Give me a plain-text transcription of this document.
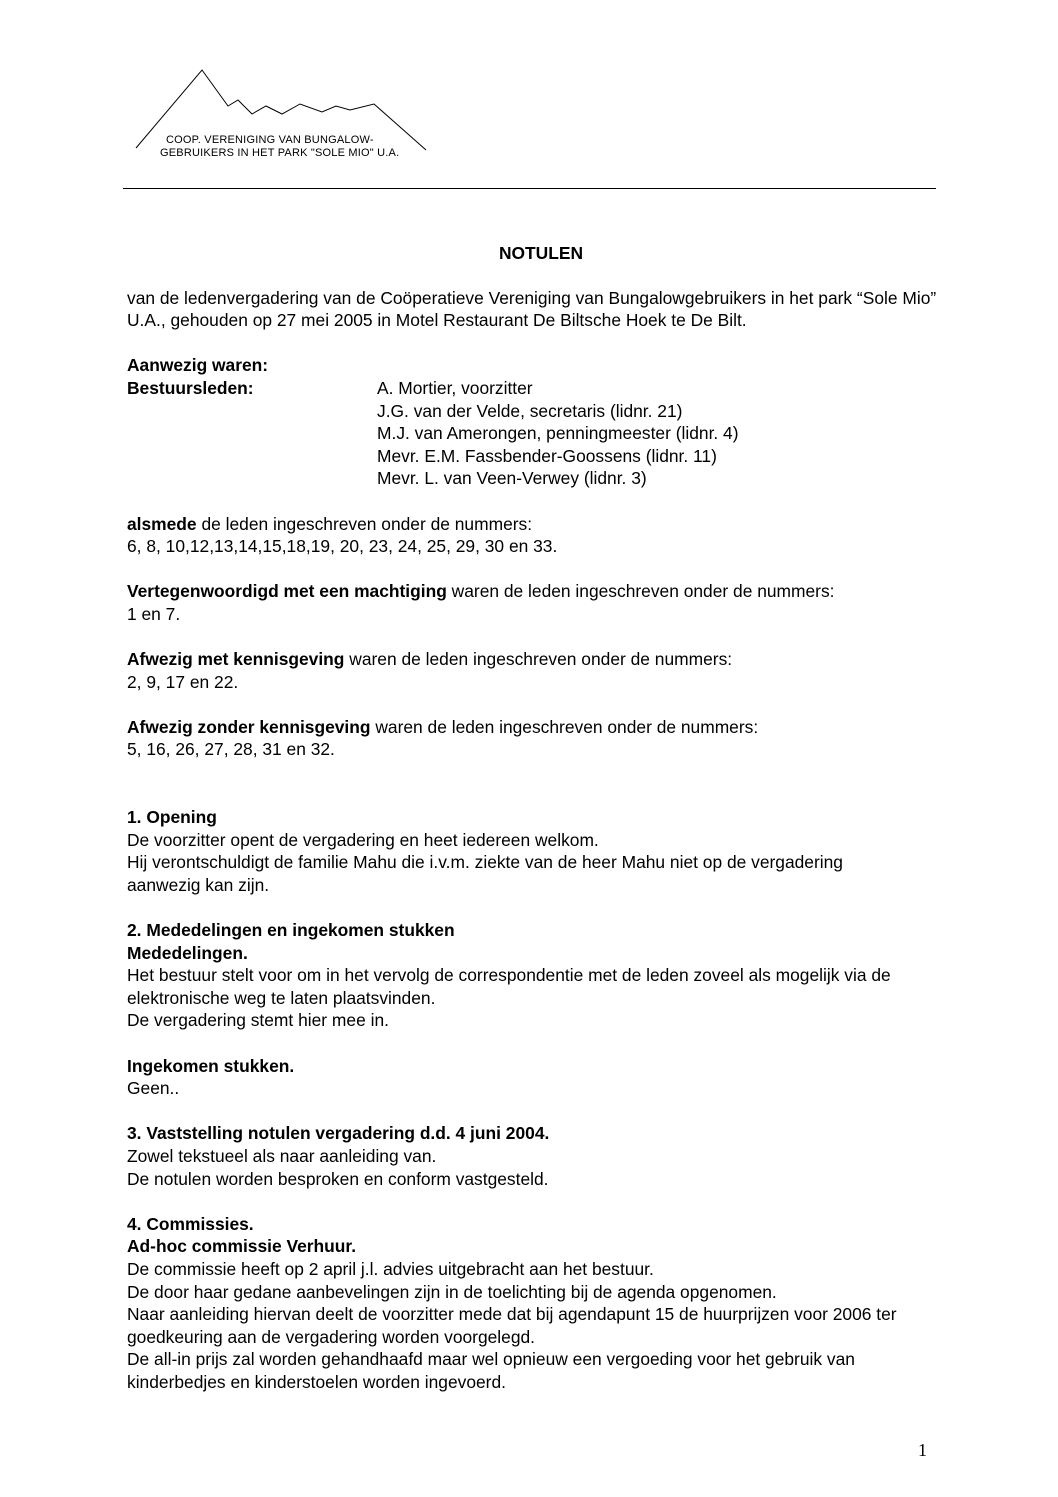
COOP. VERENIGING VAN BUNGALOW-
GEBRUIKERS IN HET PARK "SOLE MIO" U.A.
NOTULEN

van de ledenvergadering van de Coöperatieve Vereniging van Bungalowgebruikers in het park “Sole Mio” U.A., gehouden op 27 mei 2005 in Motel Restaurant De Biltsche Hoek te De Bilt.

Aanwezig waren:

Bestuursleden:	A. Mortier, voorzitter

J.G. van der Velde, secretaris (lidnr. 21)

M.J. van Amerongen, penningmeester (lidnr. 4)

Mevr. E.M. Fassbender-Goossens (lidnr. 11)

Mevr. L. van Veen-Verwey (lidnr. 3)

alsmede de leden ingeschreven onder de nummers:

6, 8, 10,12,13,14,15,18,19, 20, 23, 24, 25, 29, 30 en 33.

Vertegenwoordigd met een machtiging waren de leden ingeschreven onder de nummers:

1 en 7.

Afwezig met kennisgeving waren de leden ingeschreven onder de nummers:

2, 9, 17 en 22.

Afwezig zonder kennisgeving waren de leden ingeschreven onder de nummers:

5, 16, 26, 27, 28, 31 en 32.

1. Opening

De voorzitter opent de vergadering en heet iedereen welkom.

Hij verontschuldigt de familie Mahu die i.v.m. ziekte van de heer Mahu niet op de vergadering aanwezig kan zijn.

2. Mededelingen en ingekomen stukken

Mededelingen.

Het bestuur stelt voor om in het vervolg de correspondentie met de leden zoveel als mogelijk via de elektronische weg te laten plaatsvinden.

De vergadering stemt hier mee in.

Ingekomen stukken.

Geen..

3. Vaststelling notulen vergadering d.d. 4 juni 2004.

Zowel tekstueel als naar aanleiding van.

De notulen worden besproken en conform vastgesteld.

4. Commissies.

Ad-hoc commissie Verhuur.

De commissie heeft op 2 april j.l. advies uitgebracht aan het bestuur.

De door haar gedane aanbevelingen zijn in de toelichting bij de agenda opgenomen.

Naar aanleiding hiervan deelt de voorzitter mede dat bij agendapunt 15 de huurprijzen voor 2006 ter goedkeuring aan de vergadering worden voorgelegd.

De all-in prijs zal worden gehandhaafd maar wel opnieuw een vergoeding voor het gebruik van kinderbedjes en kinderstoelen worden ingevoerd.

1
